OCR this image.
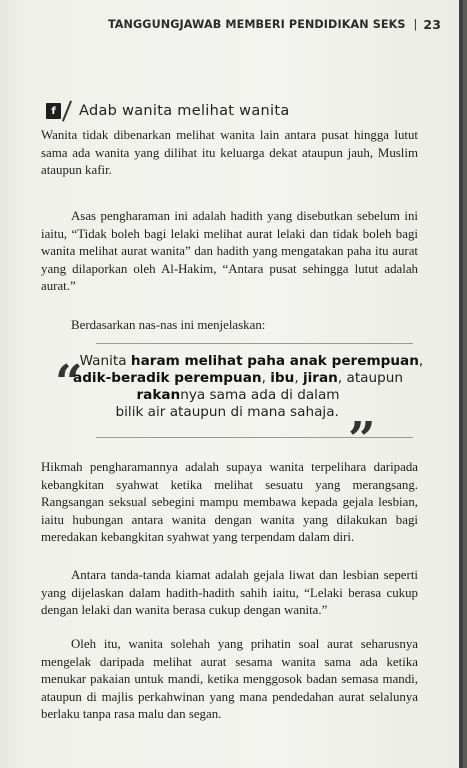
TANGGUNGJAWAB MEMBERI PENDIDIKAN SEKS | 23
f	Adab wanita melihat wanita

Wanita tidak dibenarkan melihat wanita lain antara pusat hingga lutut sama ada wanita yang dilihat itu keluarga dekat ataupun jauh, Muslim ataupun kafir.

Asas pengharaman ini adalah hadith yang disebutkan sebelum ini iaitu, “Tidak boleh bagi lelaki melihat aurat lelaki dan tidak boleh bagi wanita melihat aurat wanita” dan hadith yang mengatakan paha itu aurat yang dilaporkan oleh Al-Hakim, “Antara pusat sehingga lutut adalah aurat.”

Berdasarkan nas-nas ini menjelaskan:

“
Wanita haram melihat paha anak perempuan,
adik-beradik perempuan, ibu, jiran, ataupun
rakannya sama ada di dalam
bilik air ataupun di mana sahaja. ”

Hikmah pengharamannya adalah supaya wanita terpelihara daripada kebangkitan syahwat ketika melihat sesuatu yang merangsang. Rangsangan seksual sebegini mampu membawa kepada gejala lesbian, iaitu hubungan antara wanita dengan wanita yang dilakukan bagi meredakan kebangkitan syahwat yang terpendam dalam diri.

Antara tanda-tanda kiamat adalah gejala liwat dan lesbian seperti yang dijelaskan dalam hadith-hadith sahih iaitu, “Lelaki berasa cukup dengan lelaki dan wanita berasa cukup dengan wanita.”

Oleh itu, wanita solehah yang prihatin soal aurat seharusnya mengelak daripada melihat aurat sesama wanita sama ada ketika menukar pakaian untuk mandi, ketika menggosok badan semasa mandi, ataupun di majlis perkahwinan yang mana pendedahan aurat selalunya berlaku tanpa rasa malu dan segan.
